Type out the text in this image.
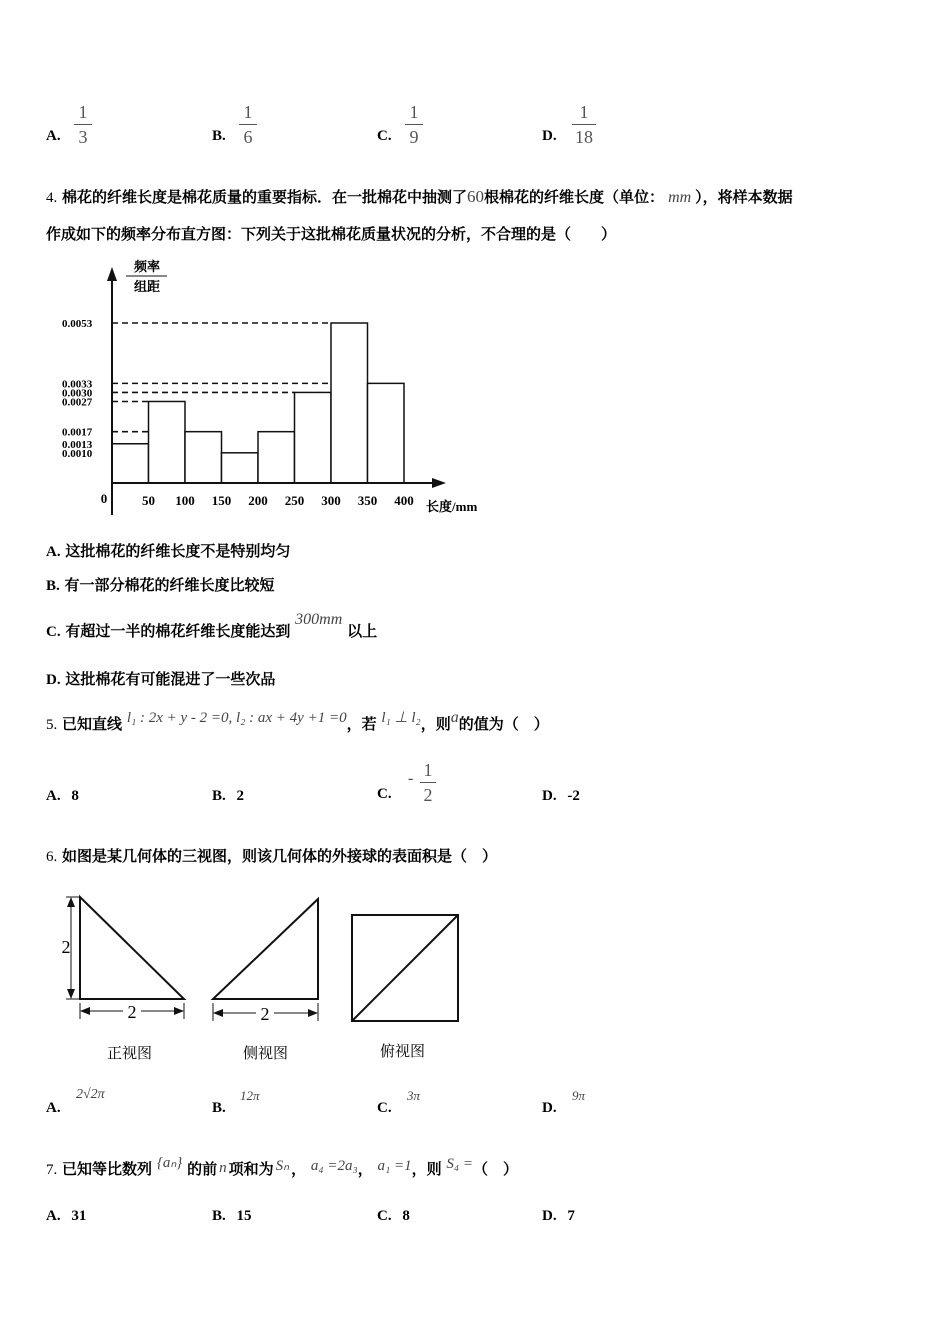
A.
1
3	B.
1
6	C.
1
9	D.
1
18
4. 棉花的纤维长度是棉花质量的重要指标．在一批棉花中抽测了60根棉花的纤维长度（单位： mm ），将样本数据
作成如下的频率分布直方图：下列关于这批棉花质量状况的分析，不合理的是（　　）
0.0053
0.0033
0.0030
0.0027
0.0017
0.0013
0.0010
50 100 150 200 250 300 350 400
0
长度/mm
频率
组距
A. 这批棉花的纤维长度不是特别均匀
B. 有一部分棉花的纤维长度比较短
C. 有超过一半的棉花纤维长度能达到 300mm 以上
D. 这批棉花有可能混进了一些次品
5. 已知直线 l₁ : 2x + y - 2 =0, l₂ : ax + 4y +1 =0，若 l₁ ⊥ l₂，则a的值为（　）
A. 8	B. 2	C.
- 1
2	D. -2
6. 如图是某几何体的三视图，则该几何体的外接球的表面积是（　）
2
2	2
正视图	侧视图	俯视图
A.
2√2π
B.
12π
C.
3π
D.
9π
7. 已知等比数列 {aₙ} 的前 n 项和为 Sₙ ， a₄ =2a₃， a₁ =1，则 S₄ =（　）
A. 31	B. 15	C. 8	D. 7
